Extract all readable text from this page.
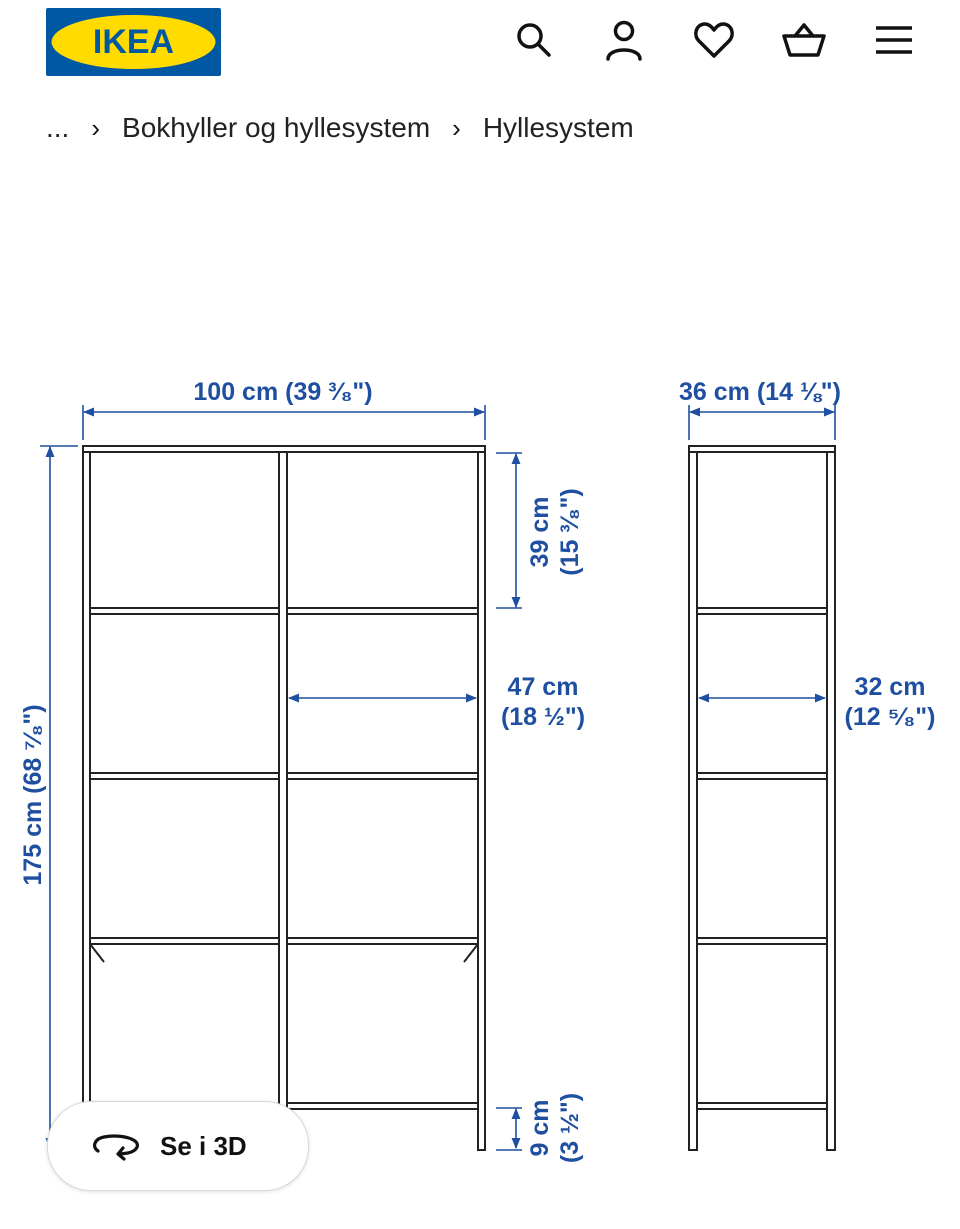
IKEA
... › Bokhyller og hyllesystem › Hyllesystem
100 cm (39 ³⁄₈")
175 cm (68 ⁷⁄₈")
39 cm (15 ³⁄₈")
47 cm
(18 ½")
9 cm (3 ½")
36 cm (14 ⅛")
32 cm
(12 ⁵⁄₈")
Se i 3D
